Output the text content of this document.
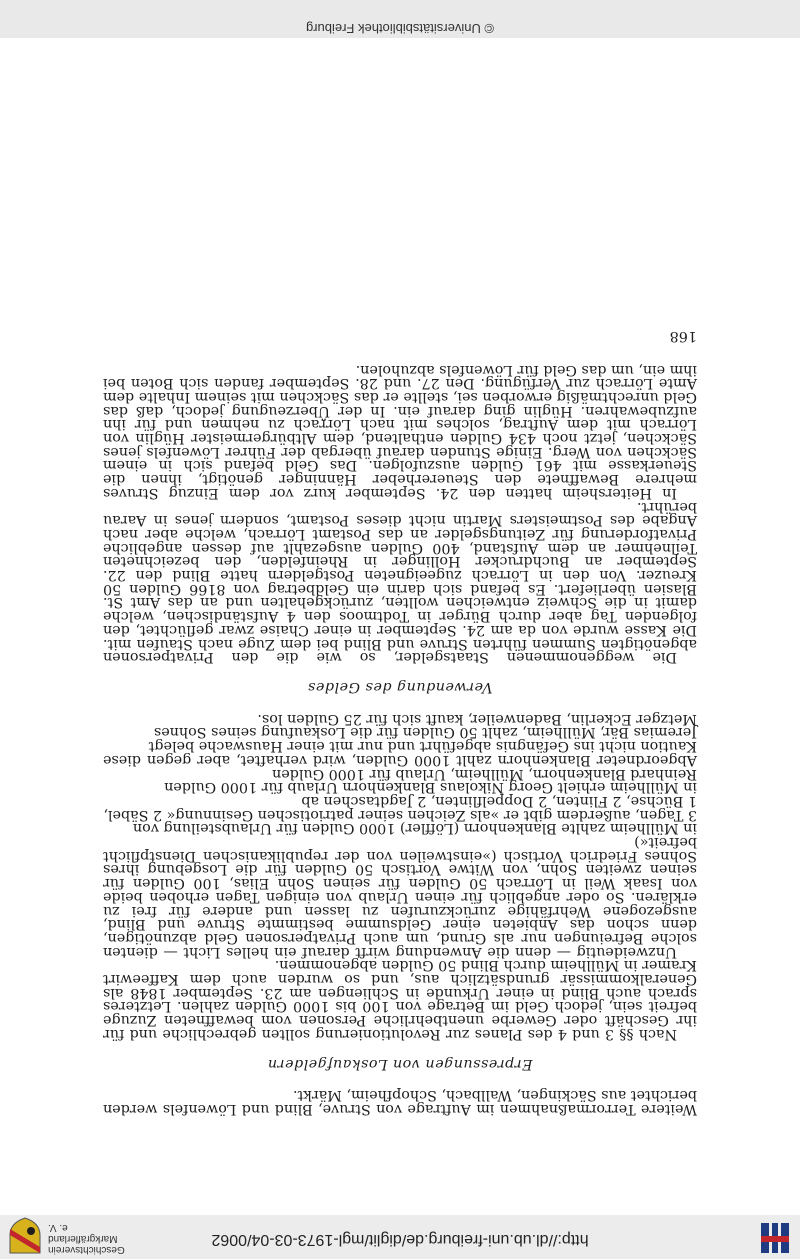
http://dl.ub.uni-freiburg.de/diglit/mgl-1973-03-04/0062
Geschichtsverein Markgräflerland e. V.

Weitere Terrormaßnahmen im Auftrage von Struve, Blind und Löwenfels werden berichtet aus Säckingen, Wallbach, Schopfheim, Märkt.

Erpressungen von Loskaufgeldern

Nach §§ 3 und 4 des Planes zur Revolutionierung sollten gebrechliche und für ihr Geschäft oder Gewerbe unentbehrliche Personen vom bewaffneten Zuzuge befreit sein, jedoch Geld im Betrage von 100 bis 1000 Gulden zahlen. Letzteres sprach auch Blind in einer Urkunde in Schliengen am 23. September 1848 als Generalkommissär grundsätzlich aus, und so wurden auch dem Kaffeewirt Kramer in Müllheim durch Blind 50 Gulden abgenommen.

Unzweideutig — denn die Anwendung wirft darauf ein helles Licht — dienten solche Befreiungen nur als Grund, um auch Privatpersonen Geld abzunötigen, denn schon das Anbieten einer Geldsumme bestimmte Struve und Blind, ausgezogene Wehrfähige zurückzurufen zu lassen und andere für frei zu erklären. So oder angeblich für einen Urlaub von einigen Tagen erhoben beide von Isaak Weil in Lörrach 50 Gulden für seinen Sohn Elias, 100 Gulden für seinen zweiten Sohn, von Witwe Vortisch 50 Gulden für die Losgebung ihres Sohnes Friedrich Vortisch (»einstweilen von der republikanischen Dienstpflicht befreit«)

in Müllheim zahlte Blankenhorn (Löffler) 1000 Gulden für Urlaubsteilung von

3 Tagen, außerdem gibt er »als Zeichen seiner patriotischen Gesinnung« 2 Säbel,

1 Büchse, 2 Flinten, 2 Doppelflinten, 2 Jagdtaschen ab

in Müllheim erhielt Georg Nikolaus Blankenhorn Urlaub für 1000 Gulden

Reinhard Blankenhorn, Müllheim, Urlaub für 1000 Gulden

Abgeordneter Blankenhorn zahlt 1000 Gulden, wird verhaftet, aber gegen diese Kaution nicht ins Gefängnis abgeführt und nur mit einer Hauswache belegt

Jeremias Bär, Müllheim, zahlt 50 Gulden für die Loskaufung seines Sohnes

Metzger Eckerlin, Badenweiler, kauft sich für 25 Gulden los.

Verwendung des Geldes

Die weggenommenen Staatsgelder, so wie die den Privatpersonen abgenötigten Summen führten Struve und Blind bei dem Zuge nach Staufen mit. Die Kasse wurde von da am 24. September in einer Chaise zwar geflüchtet, den folgenden Tag aber durch Bürger in Todtmoos den 4 Aufständischen, welche damit in die Schweiz entweichen wollten, zurückgehalten und an das Amt St. Blasien überliefert. Es befand sich darin ein Geldbetrag von 8166 Gulden 50 Kreuzer. Von den in Lörrach zugeeigneten Postgeldern hatte Blind den 22. September an Buchdrucker Hollinger in Rheinfelden, den bezeichneten Teilnehmer an dem Aufstand, 400 Gulden ausgezahlt auf dessen angebliche Privatforderung für Zeitungsgelder an das Postamt Lörrach, welche aber nach Angabe des Postmeisters Martin nicht dieses Postamt, sondern jenes in Aarau berührt.

In Heitersheim hatten den 24. September kurz vor dem Einzug Struves mehrere Bewaffnete den Steuererheber Hänninger genötigt, ihnen die Steuerkasse mit 461 Gulden auszufolgen. Das Geld befand sich in einem Säckchen von Werg. Einige Stunden darauf übergab der Führer Löwenfels jenes Säckchen, jetzt noch 434 Gulden enthaltend, dem Altbürgermeister Hüglin von Lörrach mit dem Auftrag, solches mit nach Lörrach zu nehmen und für ihn aufzubewahren. Hüglin ging darauf ein. In der Überzeugung jedoch, daß das Geld unrechtmäßig erworben sei, stellte er das Säckchen mit seinem Inhalte dem Amte Lörrach zur Verfügung. Den 27. und 28. September fanden sich Boten bei ihm ein, um das Geld für Löwenfels abzuholen.

168
© Universitätsbibliothek Freiburg
